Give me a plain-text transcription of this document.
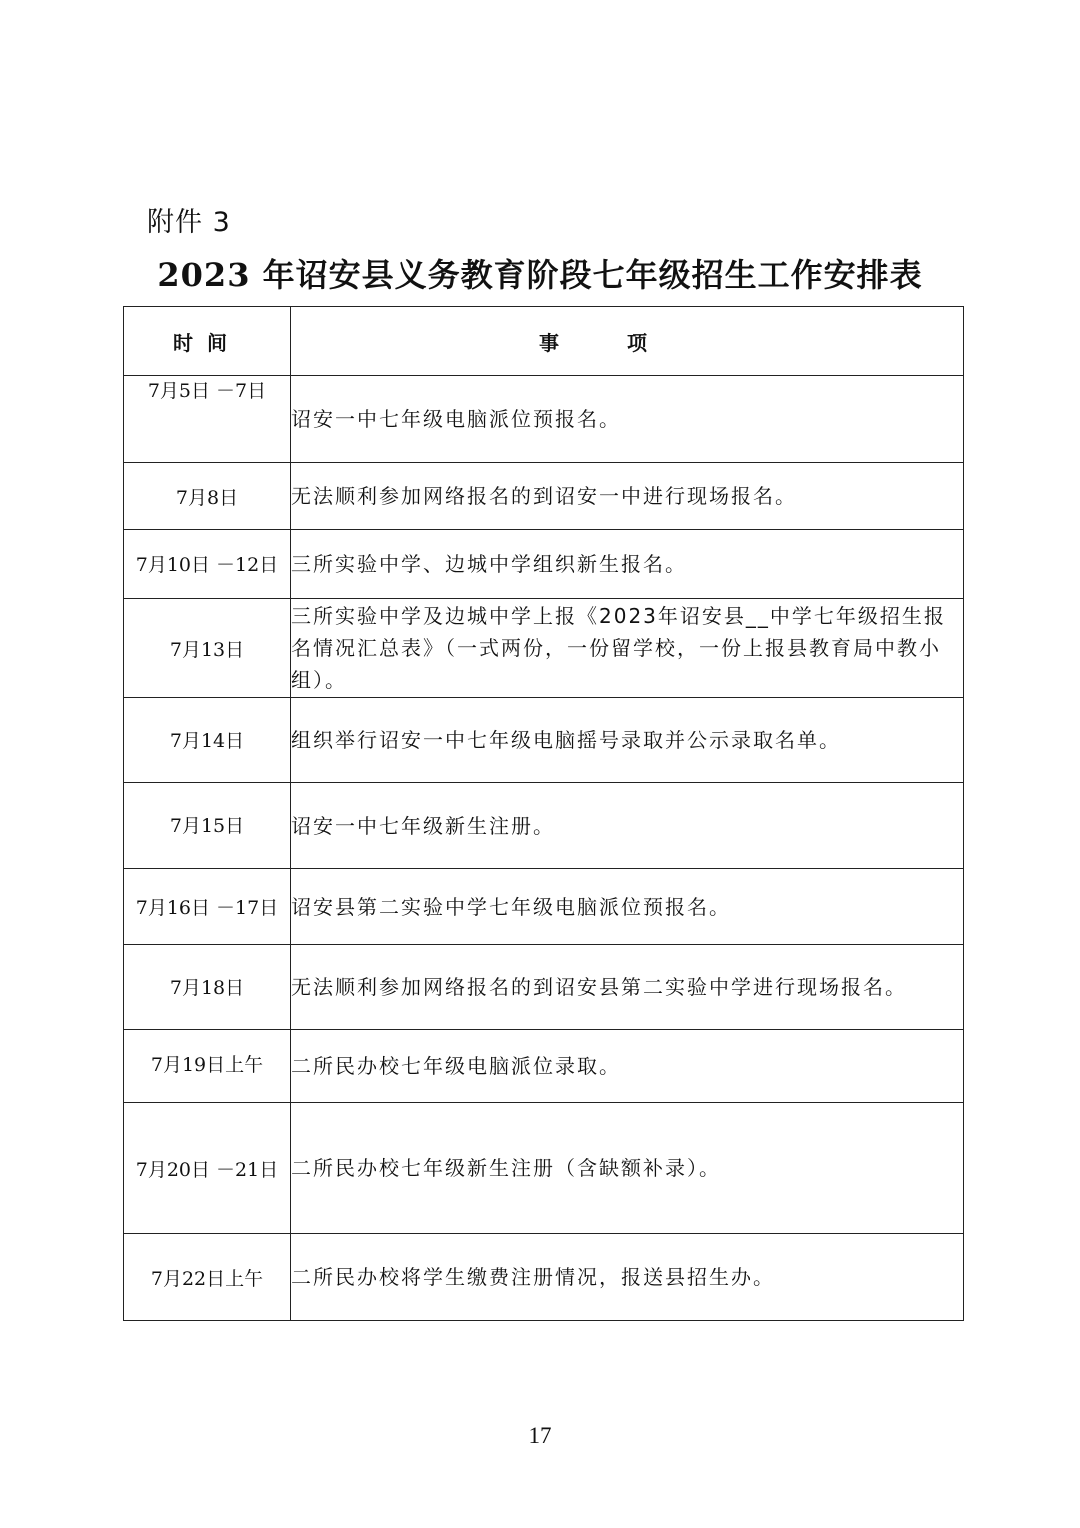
附件 3
2023 年诏安县义务教育阶段七年级招生工作安排表
时间	事项
7月5日 －7日	诏安一中七年级电脑派位预报名。
7月8日	无法顺利参加网络报名的到诏安一中进行现场报名。
7月10日 －12日	三所实验中学、边城中学组织新生报名。
7月13日	三所实验中学及边城中学上报《2023年诏安县__中学七年级招生报名情况汇总表》（一式两份，一份留学校，一份上报县教育局中教小组）。
7月14日	组织举行诏安一中七年级电脑摇号录取并公示录取名单。
7月15日	诏安一中七年级新生注册。
7月16日 －17日	诏安县第二实验中学七年级电脑派位预报名。
7月18日	无法顺利参加网络报名的到诏安县第二实验中学进行现场报名。
7月19日上午	二所民办校七年级电脑派位录取。
7月20日 －21日	二所民办校七年级新生注册（含缺额补录）。
7月22日上午	二所民办校将学生缴费注册情况，报送县招生办。
17
